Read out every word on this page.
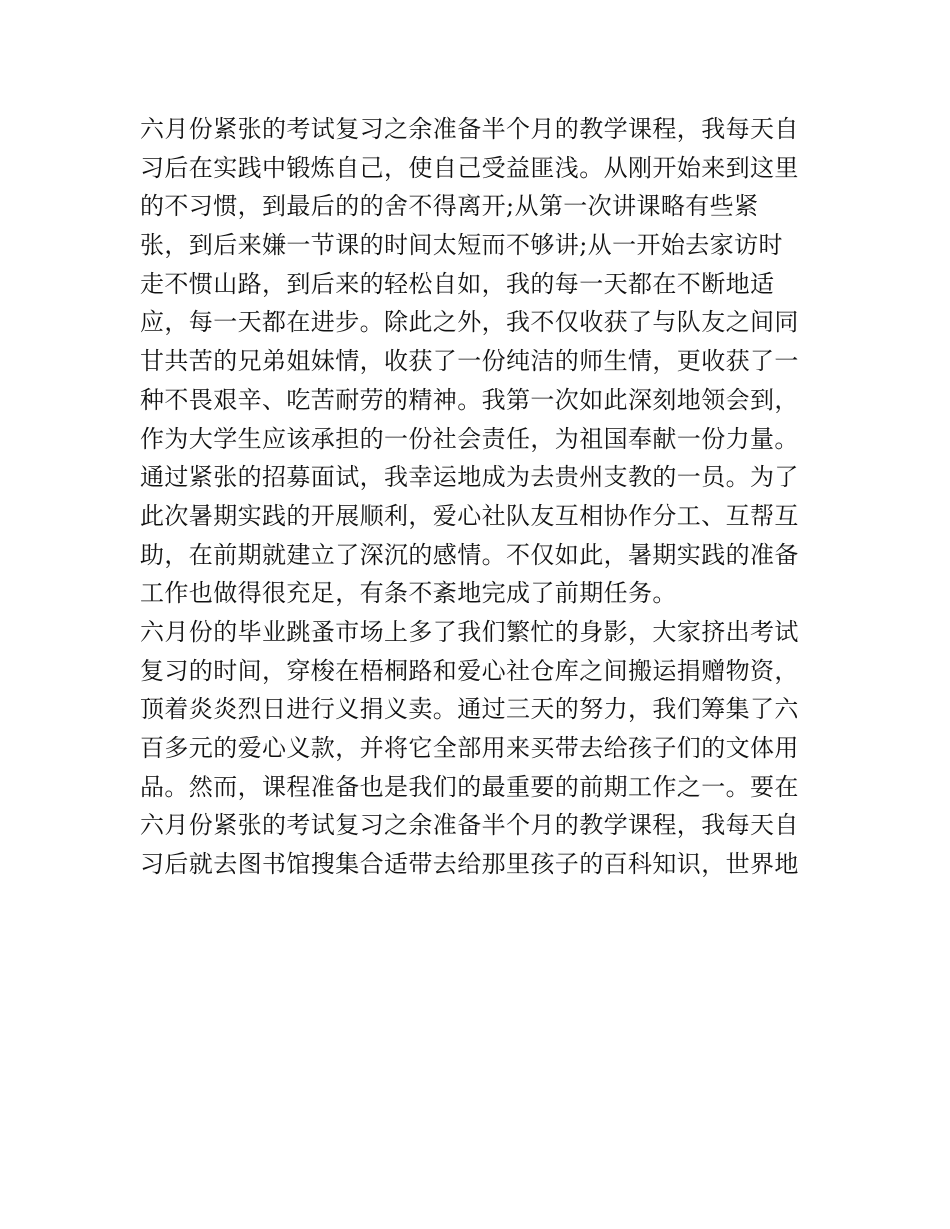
六月份紧张的考试复习之余准备半个月的教学课程，我每天自
习后在实践中锻炼自己，使自己受益匪浅。从刚开始来到这里
的不习惯，到最后的的舍不得离开;从第一次讲课略有些紧
张，到后来嫌一节课的时间太短而不够讲;从一开始去家访时
走不惯山路，到后来的轻松自如，我的每一天都在不断地适
应，每一天都在进步。除此之外，我不仅收获了与队友之间同
甘共苦的兄弟姐妹情，收获了一份纯洁的师生情，更收获了一
种不畏艰辛、吃苦耐劳的精神。我第一次如此深刻地领会到，
作为大学生应该承担的一份社会责任，为祖国奉献一份力量。
通过紧张的招募面试，我幸运地成为去贵州支教的一员。为了
此次暑期实践的开展顺利，爱心社队友互相协作分工、互帮互
助，在前期就建立了深沉的感情。不仅如此，暑期实践的准备
工作也做得很充足，有条不紊地完成了前期任务。
六月份的毕业跳蚤市场上多了我们繁忙的身影，大家挤出考试
复习的时间，穿梭在梧桐路和爱心社仓库之间搬运捐赠物资，
顶着炎炎烈日进行义捐义卖。通过三天的努力，我们筹集了六
百多元的爱心义款，并将它全部用来买带去给孩子们的文体用
品。然而，课程准备也是我们的最重要的前期工作之一。要在
六月份紧张的考试复习之余准备半个月的教学课程，我每天自
习后就去图书馆搜集合适带去给那里孩子的百科知识，世界地
